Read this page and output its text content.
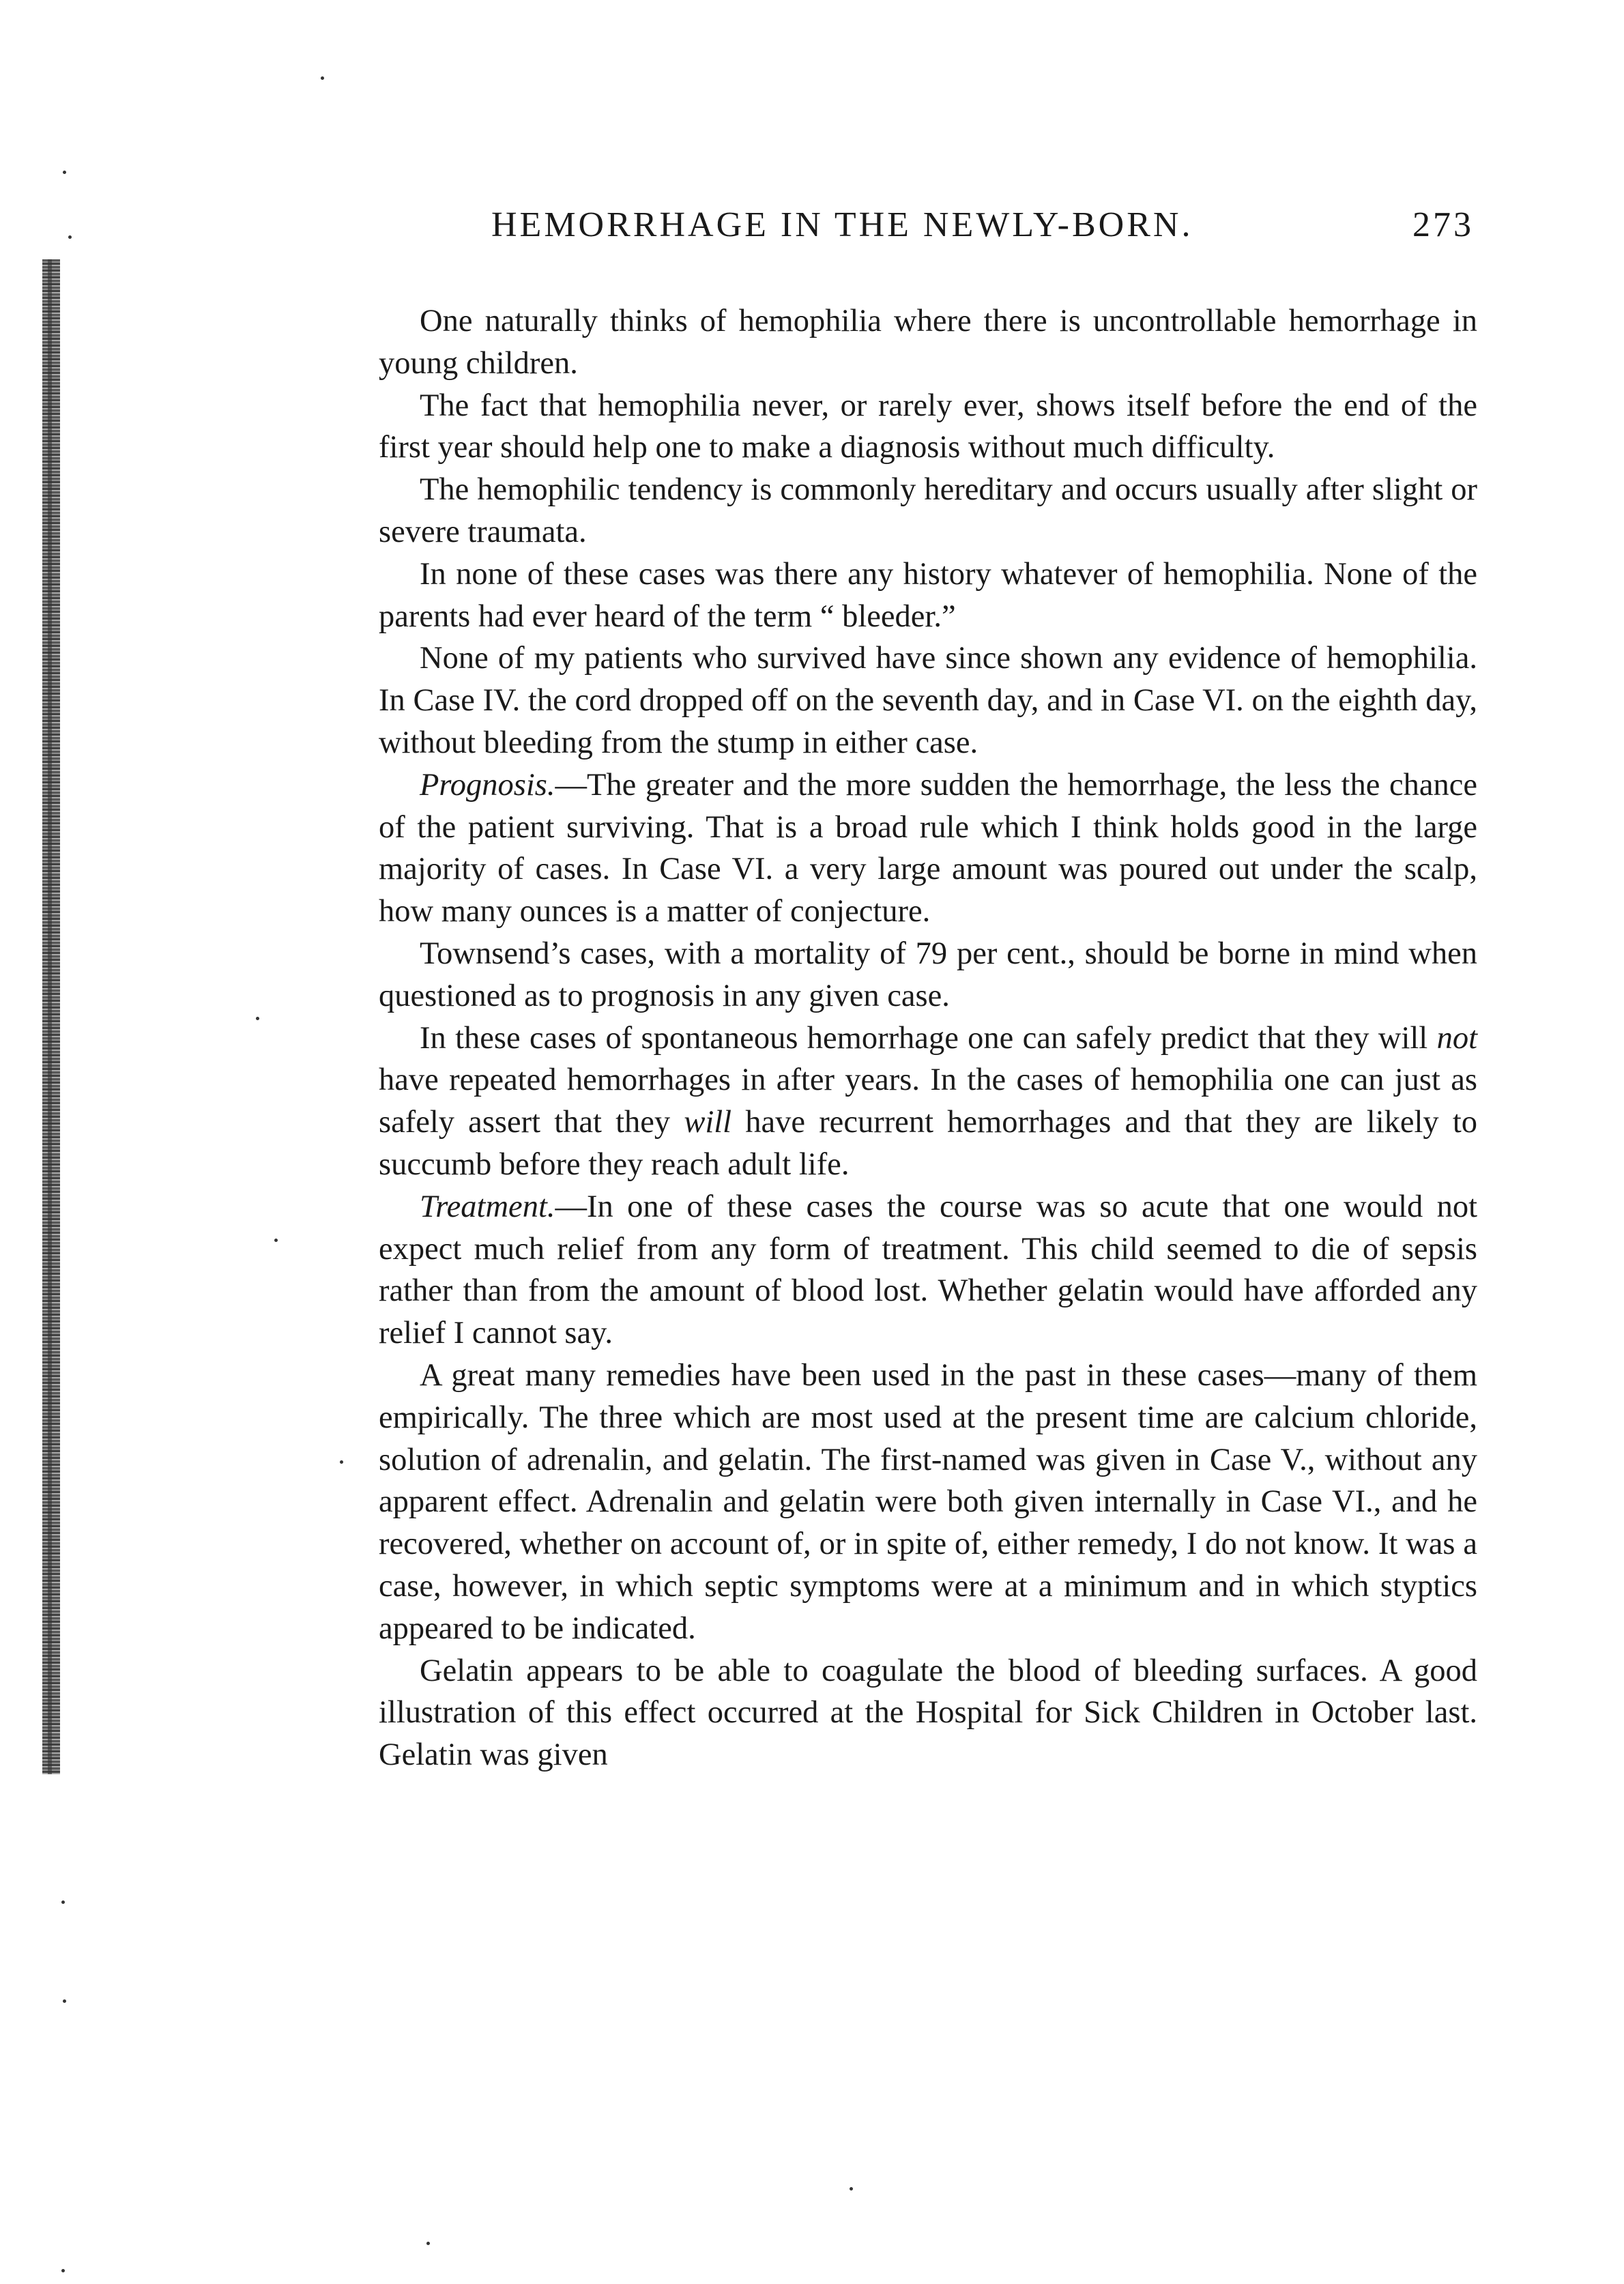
HEMORRHAGE IN THE NEWLY-BORN.	273

One naturally thinks of hemophilia where there is uncontrollable hemorrhage in young children.

The fact that hemophilia never, or rarely ever, shows itself before the end of the first year should help one to make a diagnosis without much difficulty.

The hemophilic tendency is commonly hereditary and occurs usually after slight or severe traumata.

In none of these cases was there any history whatever of hemophilia. None of the parents had ever heard of the term “ bleeder.”

None of my patients who survived have since shown any evidence of hemophilia. In Case IV. the cord dropped off on the seventh day, and in Case VI. on the eighth day, without bleeding from the stump in either case.

Prognosis.—The greater and the more sudden the hemorrhage, the less the chance of the patient surviving. That is a broad rule which I think holds good in the large majority of cases. In Case VI. a very large amount was poured out under the scalp, how many ounces is a matter of conjecture.

Townsend’s cases, with a mortality of 79 per cent., should be borne in mind when questioned as to prognosis in any given case.

In these cases of spontaneous hemorrhage one can safely predict that they will not have repeated hemorrhages in after years. In the cases of hemophilia one can just as safely assert that they will have recurrent hemorrhages and that they are likely to succumb before they reach adult life.

Treatment.—In one of these cases the course was so acute that one would not expect much relief from any form of treatment. This child seemed to die of sepsis rather than from the amount of blood lost. Whether gelatin would have afforded any relief I cannot say.

A great many remedies have been used in the past in these cases—many of them empirically. The three which are most used at the present time are calcium chloride, solution of adrenalin, and gelatin. The first-named was given in Case V., without any apparent effect. Adrenalin and gelatin were both given internally in Case VI., and he recovered, whether on account of, or in spite of, either remedy, I do not know. It was a case, however, in which septic symptoms were at a minimum and in which styptics appeared to be indicated.

Gelatin appears to be able to coagulate the blood of bleeding surfaces. A good illustration of this effect occurred at the Hospital for Sick Children in October last. Gelatin was given
